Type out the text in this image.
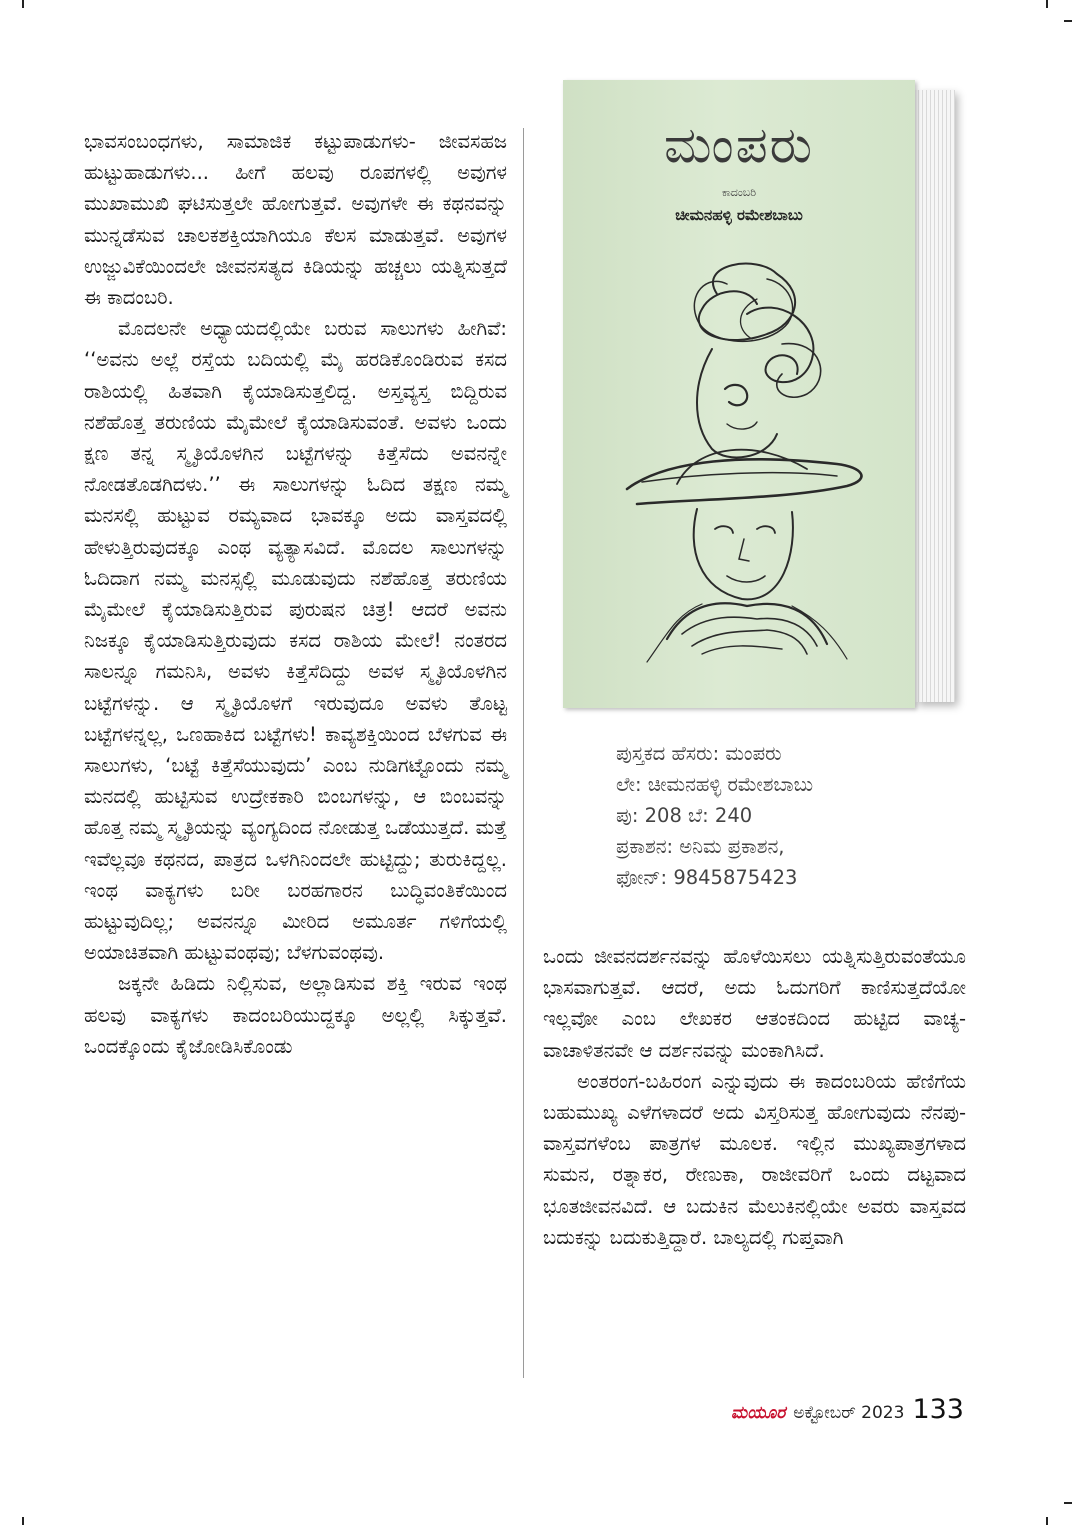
ಭಾವಸಂಬಂಧಗಳು, ಸಾಮಾಜಿಕ ಕಟ್ಟುಪಾಡುಗಳು- ಜೀವಸಹಜ ಹುಟ್ಟುಹಾಡುಗಳು... ಹೀಗೆ ಹಲವು ರೂಪಗಳಲ್ಲಿ ಅವುಗಳ ಮುಖಾಮುಖಿ ಘಟಿಸುತ್ತಲೇ ಹೋಗುತ್ತವೆ. ಅವುಗಳೇ ಈ ಕಥನವನ್ನು ಮುನ್ನಡೆಸುವ ಚಾಲಕಶಕ್ತಿಯಾಗಿಯೂ ಕೆಲಸ ಮಾಡುತ್ತವೆ. ಅವುಗಳ ಉಜ್ಜುವಿಕೆಯಿಂದಲೇ ಜೀವನಸತ್ಯದ ಕಿಡಿಯನ್ನು ಹಚ್ಚಲು ಯತ್ನಿಸುತ್ತದೆ ಈ ಕಾದಂಬರಿ.

ಮೊದಲನೇ ಅಧ್ಯಾಯದಲ್ಲಿಯೇ ಬರುವ ಸಾಲುಗಳು ಹೀಗಿವೆ: ‘‘ಅವನು ಅಲ್ಲೆ ರಸ್ತೆಯ ಬದಿಯಲ್ಲಿ ಮೈ ಹರಡಿಕೊಂಡಿರುವ ಕಸದ ರಾಶಿಯಲ್ಲಿ ಹಿತವಾಗಿ ಕೈಯಾಡಿಸುತ್ತಲಿದ್ದ. ಅಸ್ತವ್ಯಸ್ತ ಬಿದ್ದಿರುವ ನಶೆಹೊತ್ತ ತರುಣಿಯ ಮೈಮೇಲೆ ಕೈಯಾಡಿಸುವಂತೆ. ಅವಳು ಒಂದು ಕ್ಷಣ ತನ್ನ ಸ್ಮೃತಿಯೊಳಗಿನ ಬಟ್ಟೆಗಳನ್ನು ಕಿತ್ತೆಸೆದು ಅವನನ್ನೇ ನೋಡತೊಡಗಿದಳು.’’ ಈ ಸಾಲುಗಳನ್ನು ಓದಿದ ತಕ್ಷಣ ನಮ್ಮ ಮನಸಲ್ಲಿ ಹುಟ್ಟುವ ರಮ್ಯವಾದ ಭಾವಕ್ಕೂ ಅದು ವಾಸ್ತವದಲ್ಲಿ ಹೇಳುತ್ತಿರುವುದಕ್ಕೂ ಎಂಥ ವ್ಯತ್ಯಾಸವಿದೆ. ಮೊದಲ ಸಾಲುಗಳನ್ನು ಓದಿದಾಗ ನಮ್ಮ ಮನಸ್ಸಲ್ಲಿ ಮೂಡುವುದು ನಶೆಹೊತ್ತ ತರುಣಿಯ ಮೈಮೇಲೆ ಕೈಯಾಡಿಸುತ್ತಿರುವ ಪುರುಷನ ಚಿತ್ರ! ಆದರೆ ಅವನು ನಿಜಕ್ಕೂ ಕೈಯಾಡಿಸುತ್ತಿರುವುದು ಕಸದ ರಾಶಿಯ ಮೇಲೆ! ನಂತರದ ಸಾಲನ್ನೂ ಗಮನಿಸಿ, ಅವಳು ಕಿತ್ತೆಸೆದಿದ್ದು ಅವಳ ಸ್ಮೃತಿಯೊಳಗಿನ ಬಟ್ಟೆಗಳನ್ನು. ಆ ಸ್ಮೃತಿಯೊಳಗೆ ಇರುವುದೂ ಅವಳು ತೊಟ್ಟ ಬಟ್ಟೆಗಳನ್ನಲ್ಲ, ಒಣಹಾಕಿದ ಬಟ್ಟೆಗಳು! ಕಾವ್ಯಶಕ್ತಿಯಿಂದ ಬೆಳಗುವ ಈ ಸಾಲುಗಳು, ‘ಬಟ್ಟೆ ಕಿತ್ತೆಸೆಯುವುದು’ ಎಂಬ ನುಡಿಗಟ್ಟೊಂದು ನಮ್ಮ ಮನದಲ್ಲಿ ಹುಟ್ಟಿಸುವ ಉದ್ರೇಕಕಾರಿ ಬಿಂಬಗಳನ್ನು, ಆ ಬಿಂಬವನ್ನು ಹೊತ್ತ ನಮ್ಮ ಸ್ಮೃತಿಯನ್ನು ವ್ಯಂಗ್ಯದಿಂದ ನೋಡುತ್ತ ಒಡೆಯುತ್ತದೆ. ಮತ್ತೆ ಇವೆಲ್ಲವೂ ಕಥನದ, ಪಾತ್ರದ ಒಳಗಿನಿಂದಲೇ ಹುಟ್ಟಿದ್ದು; ತುರುಕಿದ್ದಲ್ಲ. ಇಂಥ ವಾಕ್ಯಗಳು ಬರೀ ಬರಹಗಾರನ ಬುದ್ಧಿವಂತಿಕೆಯಿಂದ ಹುಟ್ಟುವುದಿಲ್ಲ; ಅವನನ್ನೂ ಮೀರಿದ ಅಮೂರ್ತ ಗಳಿಗೆಯಲ್ಲಿ ಅಯಾಚಿತವಾಗಿ ಹುಟ್ಟುವಂಥವು; ಬೆಳಗುವಂಥವು.

ಜಕ್ಕನೇ ಹಿಡಿದು ನಿಲ್ಲಿಸುವ, ಅಲ್ಲಾಡಿಸುವ ಶಕ್ತಿ ಇರುವ ಇಂಥ ಹಲವು ವಾಕ್ಯಗಳು ಕಾದಂಬರಿಯುದ್ದಕ್ಕೂ ಅಲ್ಲಲ್ಲಿ ಸಿಕ್ಕುತ್ತವೆ. ಒಂದಕ್ಕೊಂದು ಕೈಜೋಡಿಸಿಕೊಂಡು

ಮಂಪರು
ಕಾದಂಬರಿ
ಚೀಮನಹಳ್ಳಿ ರಮೇಶಬಾಬು
ಪುಸ್ತಕದ ಹೆಸರು: ಮಂಪರು
ಲೇ: ಚೀಮನಹಳ್ಳಿ ರಮೇಶಬಾಬು
ಪು: 208 ಬೆ: 240
ಪ್ರಕಾಶನ: ಅನಿಮ ಪ್ರಕಾಶನ,
ಫೋನ್: 9845875423

ಒಂದು ಜೀವನದರ್ಶನವನ್ನು ಹೊಳೆಯಿಸಲು ಯತ್ನಿಸುತ್ತಿರುವಂತೆಯೂ ಭಾಸವಾಗುತ್ತವೆ. ಆದರೆ, ಅದು ಓದುಗರಿಗೆ ಕಾಣಿಸುತ್ತದೆಯೋ ಇಲ್ಲವೋ ಎಂಬ ಲೇಖಕರ ಆತಂಕದಿಂದ ಹುಟ್ಟಿದ ವಾಚ್ಯ-ವಾಚಾಳಿತನವೇ ಆ ದರ್ಶನವನ್ನು ಮಂಕಾಗಿಸಿದೆ.

ಅಂತರಂಗ-ಬಹಿರಂಗ ಎನ್ನುವುದು ಈ ಕಾದಂಬರಿಯ ಹೆಣಿಗೆಯ ಬಹುಮುಖ್ಯ ಎಳೆಗಳಾದರೆ ಅದು ವಿಸ್ತರಿಸುತ್ತ ಹೋಗುವುದು ನೆನಪು-ವಾಸ್ತವಗಳೆಂಬ ಪಾತ್ರಗಳ ಮೂಲಕ. ಇಲ್ಲಿನ ಮುಖ್ಯಪಾತ್ರಗಳಾದ ಸುಮನ, ರತ್ನಾಕರ, ರೇಣುಕಾ, ರಾಜೀವರಿಗೆ ಒಂದು ದಟ್ಟವಾದ ಭೂತಜೀವನವಿದೆ. ಆ ಬದುಕಿನ ಮೆಲುಕಿನಲ್ಲಿಯೇ ಅವರು ವಾಸ್ತವದ ಬದುಕನ್ನು ಬದುಕುತ್ತಿದ್ದಾರೆ. ಬಾಲ್ಯದಲ್ಲಿ ಗುಪ್ತವಾಗಿ

ಮಯೂರ ಅಕ್ಟೋಬರ್ 2023 133
